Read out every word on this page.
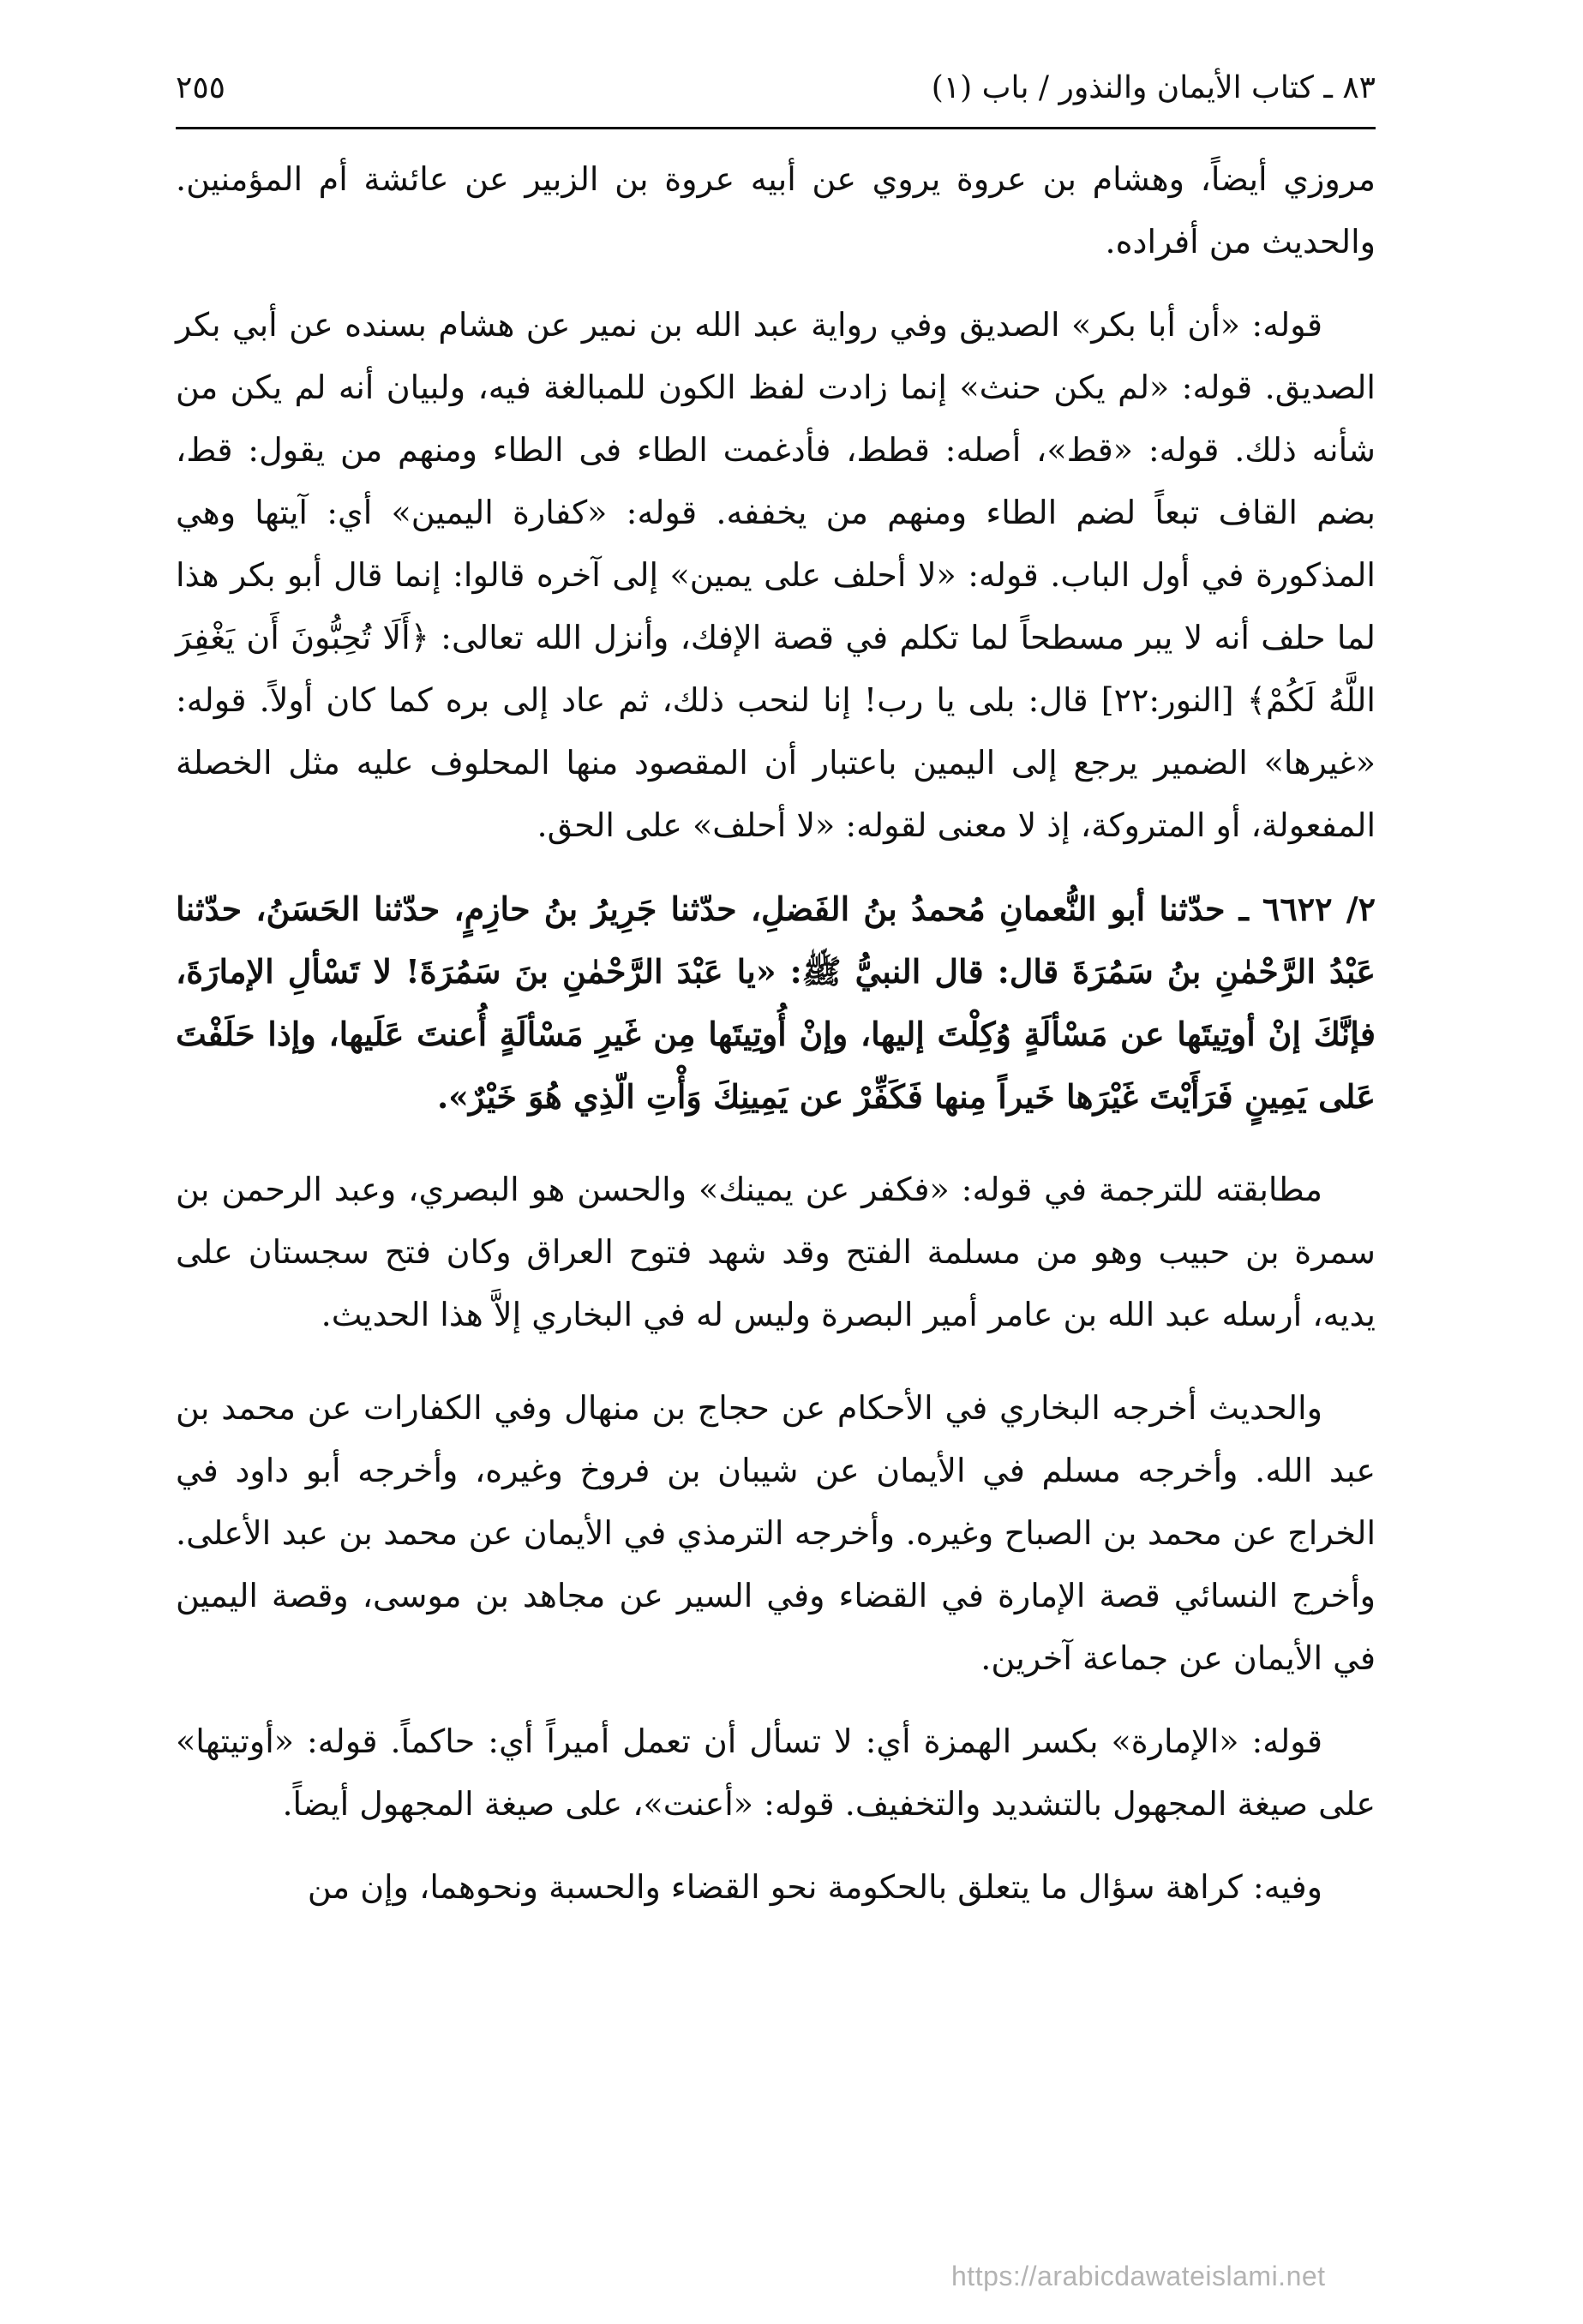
٨٣ ـ كتاب الأيمان والنذور / باب (١)
٢٥٥

مروزي أيضاً، وهشام بن عروة يروي عن أبيه عروة بن الزبير عن عائشة أم المؤمنين. والحديث من أفراده.

قوله: «أن أبا بكر» الصديق وفي رواية عبد الله بن نمير عن هشام بسنده عن أبي بكر الصديق. قوله: «لم يكن حنث» إنما زادت لفظ الكون للمبالغة فيه، ولبيان أنه لم يكن من شأنه ذلك. قوله: «قط»، أصله: قطط، فأدغمت الطاء فى الطاء ومنهم من يقول: قط، بضم القاف تبعاً لضم الطاء ومنهم من يخففه. قوله: «كفارة اليمين» أي: آيتها وهي المذكورة في أول الباب. قوله: «لا أحلف على يمين» إلى آخره قالوا: إنما قال أبو بكر هذا لما حلف أنه لا يبر مسطحاً لما تكلم في قصة الإفك، وأنزل الله تعالى: ﴿أَلَا تُحِبُّونَ أَن يَغْفِرَ اللَّهُ لَكُمْ﴾ [النور:٢٢] قال: بلى يا رب! إنا لنحب ذلك، ثم عاد إلى بره كما كان أولاً. قوله: «غيرها» الضمير يرجع إلى اليمين باعتبار أن المقصود منها المحلوف عليه مثل الخصلة المفعولة، أو المتروكة، إذ لا معنى لقوله: «لا أحلف» على الحق.

٢/ ٦٦٢٢ ـ حدّثنا أبو النُّعمانِ مُحمدُ بنُ الفَضلِ، حدّثنا جَرِيرُ بنُ حازِمٍ، حدّثنا الحَسَنُ، حدّثنا عَبْدُ الرَّحْمٰنِ بنُ سَمُرَةَ قال: قال النبيُّ ﷺ: «يا عَبْدَ الرَّحْمٰنِ بنَ سَمُرَةَ! لا تَسْألِ الإمارَةَ، فإنَّكَ إنْ أوتِيتَها عن مَسْألَةٍ وُكِلْتَ إليها، وإنْ أُوتِيتَها مِن غَيرِ مَسْألَةٍ أُعنتَ عَلَيها، وإذا حَلَفْتَ عَلى يَمِينٍ فَرَأَيْتَ غَيْرَها خَيراً مِنها فَكَفِّرْ عن يَمِينِكَ وَأْتِ الّذِي هُوَ خَيْرٌ».

مطابقته للترجمة في قوله: «فكفر عن يمينك» والحسن هو البصري، وعبد الرحمن بن سمرة بن حبيب وهو من مسلمة الفتح وقد شهد فتوح العراق وكان فتح سجستان على يديه، أرسله عبد الله بن عامر أمير البصرة وليس له في البخاري إلاَّ هذا الحديث.

والحديث أخرجه البخاري في الأحكام عن حجاج بن منهال وفي الكفارات عن محمد بن عبد الله. وأخرجه مسلم في الأيمان عن شيبان بن فروخ وغيره، وأخرجه أبو داود في الخراج عن محمد بن الصباح وغيره. وأخرجه الترمذي في الأيمان عن محمد بن عبد الأعلى. وأخرج النسائي قصة الإمارة في القضاء وفي السير عن مجاهد بن موسى، وقصة اليمين في الأيمان عن جماعة آخرين.

قوله: «الإمارة» بكسر الهمزة أي: لا تسأل أن تعمل أميراً أي: حاكماً. قوله: «أوتيتها» على صيغة المجهول بالتشديد والتخفيف. قوله: «أعنت»، على صيغة المجهول أيضاً.

وفيه: كراهة سؤال ما يتعلق بالحكومة نحو القضاء والحسبة ونحوهما، وإن من

https://arabicdawateislami.net
